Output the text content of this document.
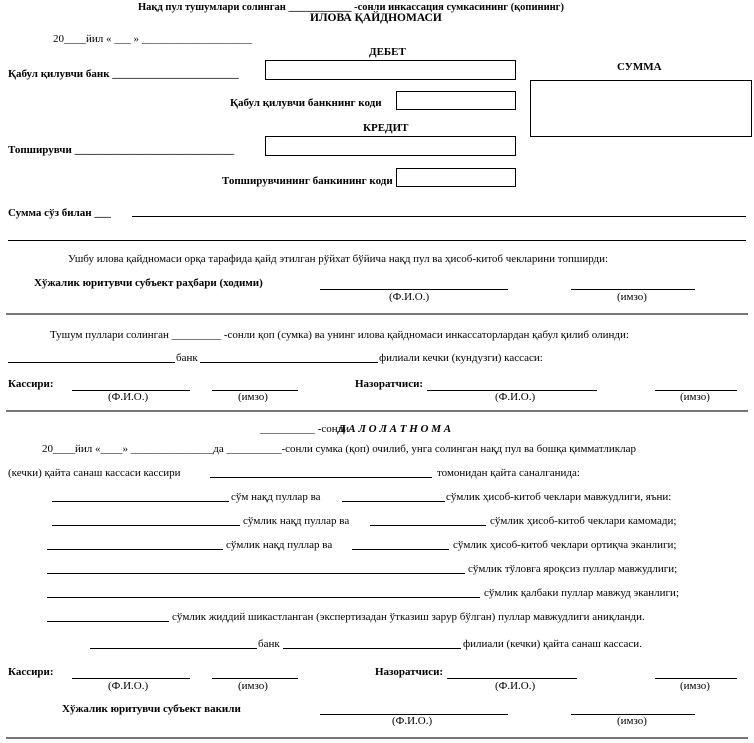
Нақд пул тушумлари солинган ____________ -сонли инкассация сумкасининг (қопининг)
ИЛОВА ҚАЙДНОМАСИ
20____йил « ___ » ____________________
ДЕБЕТ
Қабул қилувчи банк _______________________
Қабул қилувчи банкнинг коди
СУММА
КРЕДИТ
Топширувчи _____________________________
Топширувчининг банкининг коди
Сумма сўз билан ___
Ушбу илова қайдномаси орқа тарафида қайд этилган рўйхат бўйича нақд пул ва ҳисоб-китоб чекларини топширди:
Хўжалик юритувчи субъект раҳбари (ходими)
(Ф.И.О.)	(имзо)
Тушум пуллари солинган _________ -сонли қоп (сумка) ва унинг илова қайдномаси инкассаторлардан қабул қилиб олинди:
банк	филиали кечки (кундузги) кассаси:
Кассири:
(Ф.И.О.)	(имзо)
Назоратчиси:
(Ф.И.О.)	(имзо)
__________ -сонли
Д А Л О Л А Т Н О М А
20____йил «____» _______________да __________-сонли сумка (қоп) очилиб, унга солинган нақд пул ва бошқа қимматликлар
(кечки) қайта санаш кассаси кассири	томонидан қайта саналганида:
сўм нақд пуллар ва	сўмлик ҳисоб-китоб чеклари мавжудлиги, яъни:
сўмлик нақд пуллар ва	сўмлик ҳисоб-китоб чеклари камомади;
сўмлик нақд пуллар ва	сўмлик ҳисоб-китоб чеклари ортиқча эканлиги;
сўмлик тўловга яроқсиз пуллар мавжудлиги;
сўмлик қалбаки пуллар мавжуд эканлиги;
сўмлик жиддий шикастланган (экспертизадан ўтказиш зарур бўлган) пуллар мавжудлиги аниқланди.
банк	филиали (кечки) қайта санаш кассаси.
Кассири:
(Ф.И.О.)	(имзо)
Назоратчиси:
(Ф.И.О.)	(имзо)
Хўжалик юритувчи субъект вакили
(Ф.И.О.)	(имзо)
